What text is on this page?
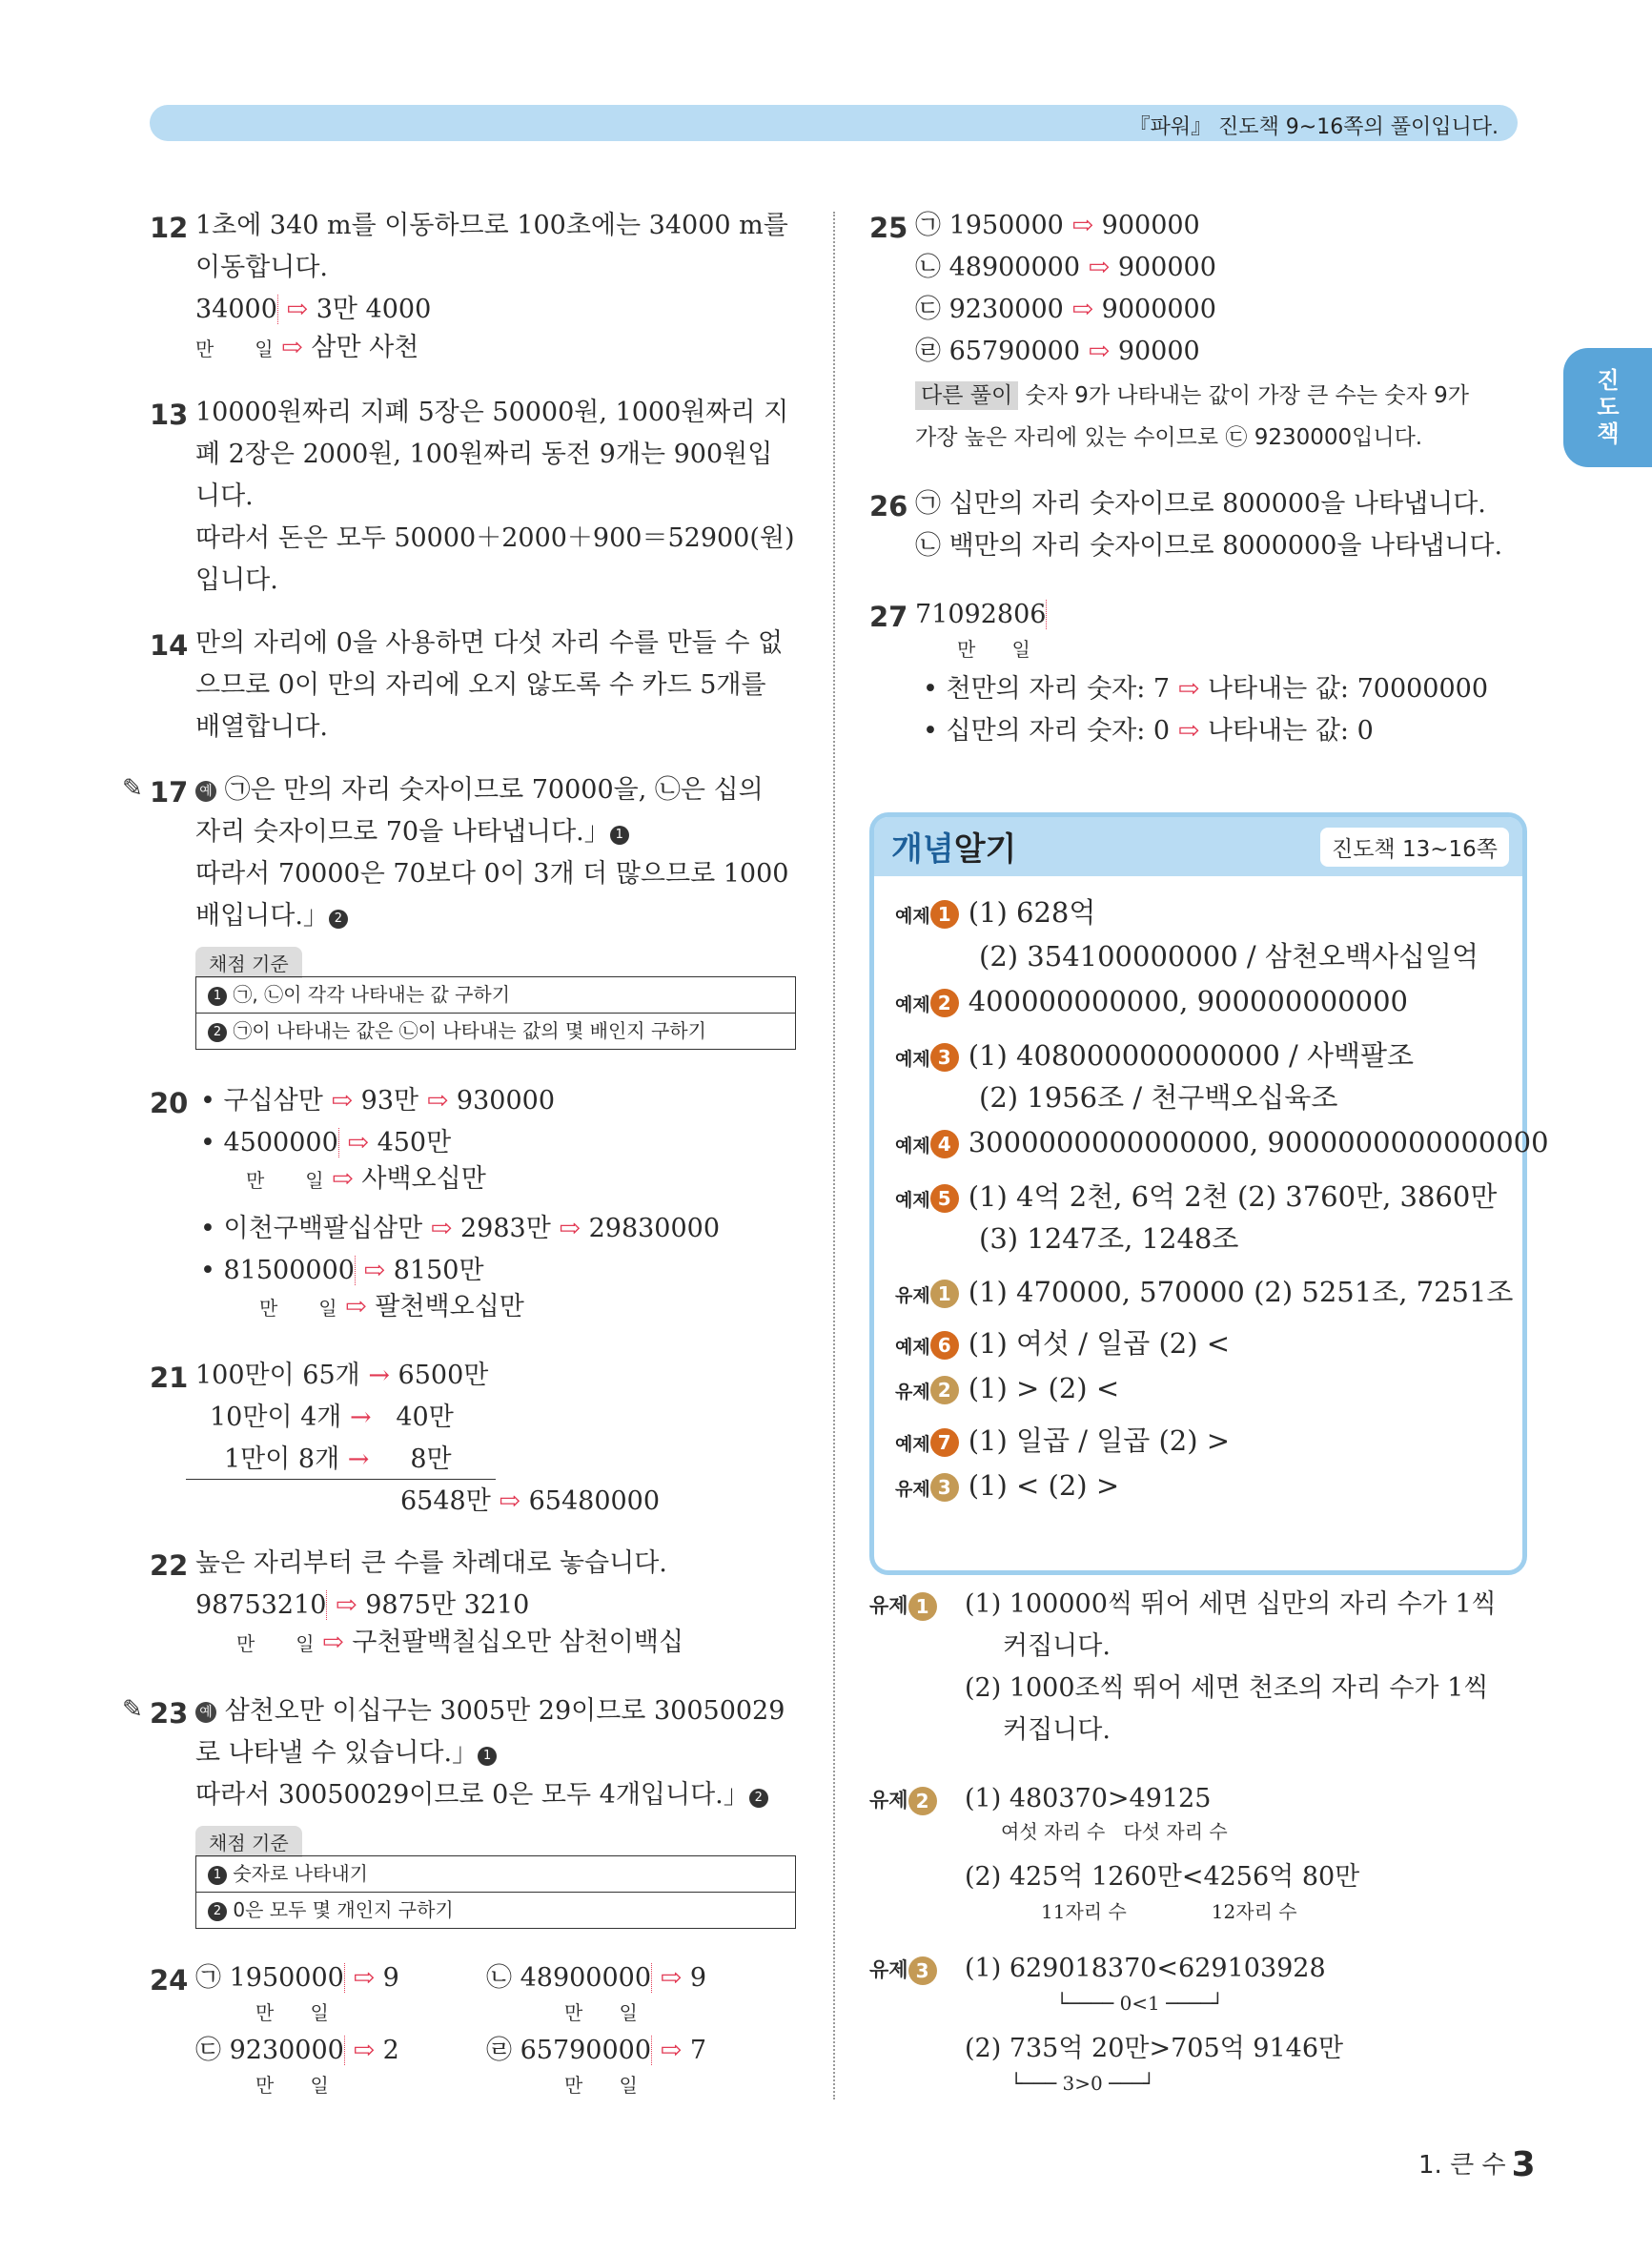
『파워』 진도책 9~16쪽의 풀이입니다.
진도책
12 1초에 340 m를 이동하므로 100초에는 34000 m를
이동합니다.
34000 ⇨ 3만 4000
만 일 ⇨ 삼만 사천
13 10000원짜리 지폐 5장은 50000원, 1000원짜리 지
폐 2장은 2000원, 100원짜리 동전 9개는 900원입
니다.
따라서 돈은 모두 50000＋2000＋900＝52900(원)
입니다.
14 만의 자리에 0을 사용하면 다섯 자리 수를 만들 수 없
으므로 0이 만의 자리에 오지 않도록 수 카드 5개를
배열합니다.
✎ 17 예 ㉠은 만의 자리 숫자이므로 70000을, ㉡은 십의
자리 숫자이므로 70을 나타냅니다.」 1
따라서 70000은 70보다 0이 3개 더 많으므로 1000
배입니다.」 2
채점 기준
1 ㉠, ㉡이 각각 나타내는 값 구하기
2 ㉠이 나타내는 값은 ㉡이 나타내는 값의 몇 배인지 구하기
20 • 구십삼만 ⇨ 93만 ⇨ 930000
• 4500000 ⇨ 450만
만 일 ⇨ 사백오십만
• 이천구백팔십삼만 ⇨ 2983만 ⇨ 29830000
• 81500000 ⇨ 8150만
만 일 ⇨ 팔천백오십만
21 100만이 65개 → 6500만
10만이 4개 → 40만
1만이 8개 → 8만
6548만 ⇨ 65480000
22 높은 자리부터 큰 수를 차례대로 놓습니다.
98753210 ⇨ 9875만 3210
만 일 ⇨ 구천팔백칠십오만 삼천이백십
✎ 23 예 삼천오만 이십구는 3005만 29이므로 30050029
로 나타낼 수 있습니다.」 1
따라서 30050029이므로 0은 모두 4개입니다.」 2
채점 기준
1 숫자로 나타내기
2 0은 모두 몇 개인지 구하기
24 ㉠ 1950000 ⇨ 9
만 일
㉡ 48900000 ⇨ 9
만 일
㉢ 9230000 ⇨ 2
만 일
㉣ 65790000 ⇨ 7
만 일
25 ㉠ 1950000 ⇨ 900000
㉡ 48900000 ⇨ 900000
㉢ 9230000 ⇨ 9000000
㉣ 65790000 ⇨ 90000
다른 풀이 숫자 9가 나타내는 값이 가장 큰 수는 숫자 9가
가장 높은 자리에 있는 수이므로 ㉢ 9230000입니다.
26 ㉠ 십만의 자리 숫자이므로 800000을 나타냅니다.
㉡ 백만의 자리 숫자이므로 8000000을 나타냅니다.
27 71092806
만 일
• 천만의 자리 숫자: 7 ⇨ 나타내는 값: 70000000
• 십만의 자리 숫자: 0 ⇨ 나타내는 값: 0
개념알기	진도책 13~16쪽
예제 1 (1) 628억
(2) 354100000000 / 삼천오백사십일억
예제 2 400000000000, 900000000000
예제 3 (1) 408000000000000 / 사백팔조
(2) 1956조 / 천구백오십육조
예제 4 3000000000000000, 9000000000000000
예제 5 (1) 4억 2천, 6억 2천 (2) 3760만, 3860만
(3) 1247조, 1248조
유제 1 (1) 470000, 570000 (2) 5251조, 7251조
예제 6 (1) 여섯 / 일곱 (2) <
유제 2 (1) > (2) <
예제 7 (1) 일곱 / 일곱 (2) >
유제 3 (1) < (2) >
유제 1 (1) 100000씩 뛰어 세면 십만의 자리 수가 1씩
커집니다.
(2) 1000조씩 뛰어 세면 천조의 자리 수가 1씩
커집니다.
유제 2 (1) 480370>49125
여섯 자리 수 다섯 자리 수
(2) 425억 1260만<4256억 80만
11자리 수	12자리 수
유제 3 (1) 629018370<629103928
└──── 0<1 ────┘
(2) 735억 20만>705억 9146만
└─── 3>0 ───┘
1. 큰 수 3
